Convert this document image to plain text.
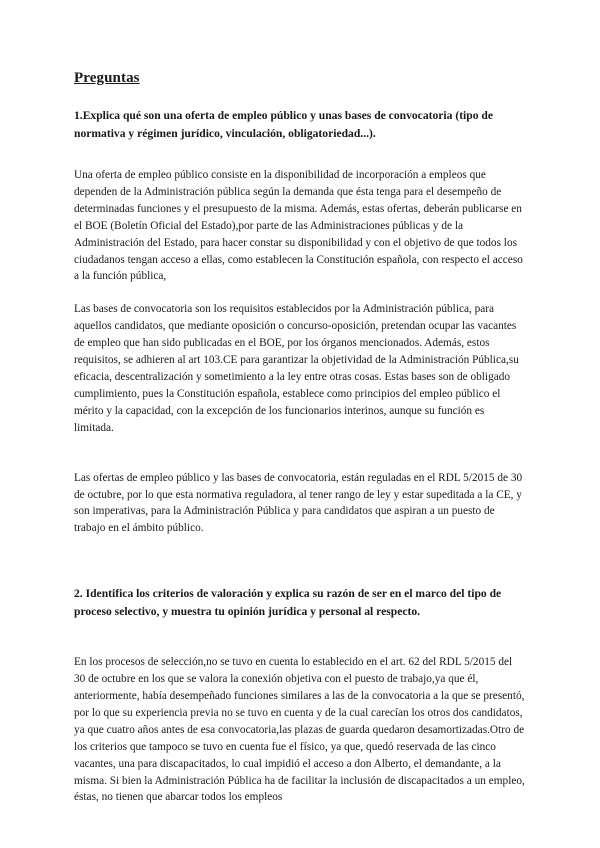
Preguntas

1.Explica qué son una oferta de empleo público y unas bases de convocatoria (tipo de normativa y régimen jurídico, vinculación, obligatoriedad...).

Una oferta de empleo público consiste en la disponibilidad de incorporación a empleos que dependen de la Administración pública según la demanda que ésta tenga para el desempeño de determinadas funciones y el presupuesto de la misma. Además, estas ofertas, deberán publicarse en el BOE (Boletín Oficial del Estado),por parte de las Administraciones públicas y de la Administración del Estado, para hacer constar su disponibilidad y con el objetivo de que todos los ciudadanos tengan acceso a ellas, como establecen la Constitución española, con respecto el acceso a la función pública,

Las bases de convocatoria son los requisitos establecidos por la Administración pública, para aquellos candidatos, que mediante oposición o concurso-oposición, pretendan ocupar las vacantes de empleo que han sido publicadas en el BOE, por los órganos mencionados. Además, estos requisitos, se adhieren al art 103.CE para garantizar la objetividad de la Administración Pública,su eficacia, descentralización y sometimiento a la ley entre otras cosas. Estas bases son de obligado cumplimiento, pues la Constitución española, establece como principios del empleo público el mérito y la capacidad, con la excepción de los funcionarios interinos, aunque su función es limitada.

Las ofertas de empleo público y las bases de convocatoria, están reguladas en el RDL 5/2015 de 30 de octubre, por lo que esta normativa reguladora, al tener rango de ley y estar supeditada a la CE, y son imperativas, para la Administración Pública y para candidatos que aspiran a un puesto de trabajo en el ámbito público.

2. Identifica los criterios de valoración y explica su razón de ser en el marco del tipo de proceso selectivo, y muestra tu opinión jurídica y personal al respecto.

En los procesos de selección,no se tuvo en cuenta lo establecido en el art. 62 del RDL 5/2015 del 30 de octubre en los que se valora la conexión objetiva con el puesto de trabajo,ya que él, anteriormente, había desempeñado funciones similares a las de la convocatoria a la que se presentó, por lo que su experiencia previa no se tuvo en cuenta y de la cual carecían los otros dos candidatos, ya que cuatro años antes de esa convocatoria,las plazas de guarda quedaron desamortizadas.Otro de los criterios que tampoco se tuvo en cuenta fue el físico, ya que, quedó reservada de las cinco vacantes, una para discapacitados, lo cual impidió el acceso a don Alberto, el demandante, a la misma. Si bien la Administración Pública ha de facilitar la inclusión de discapacitados a un empleo, éstas, no tienen que abarcar todos los empleos
